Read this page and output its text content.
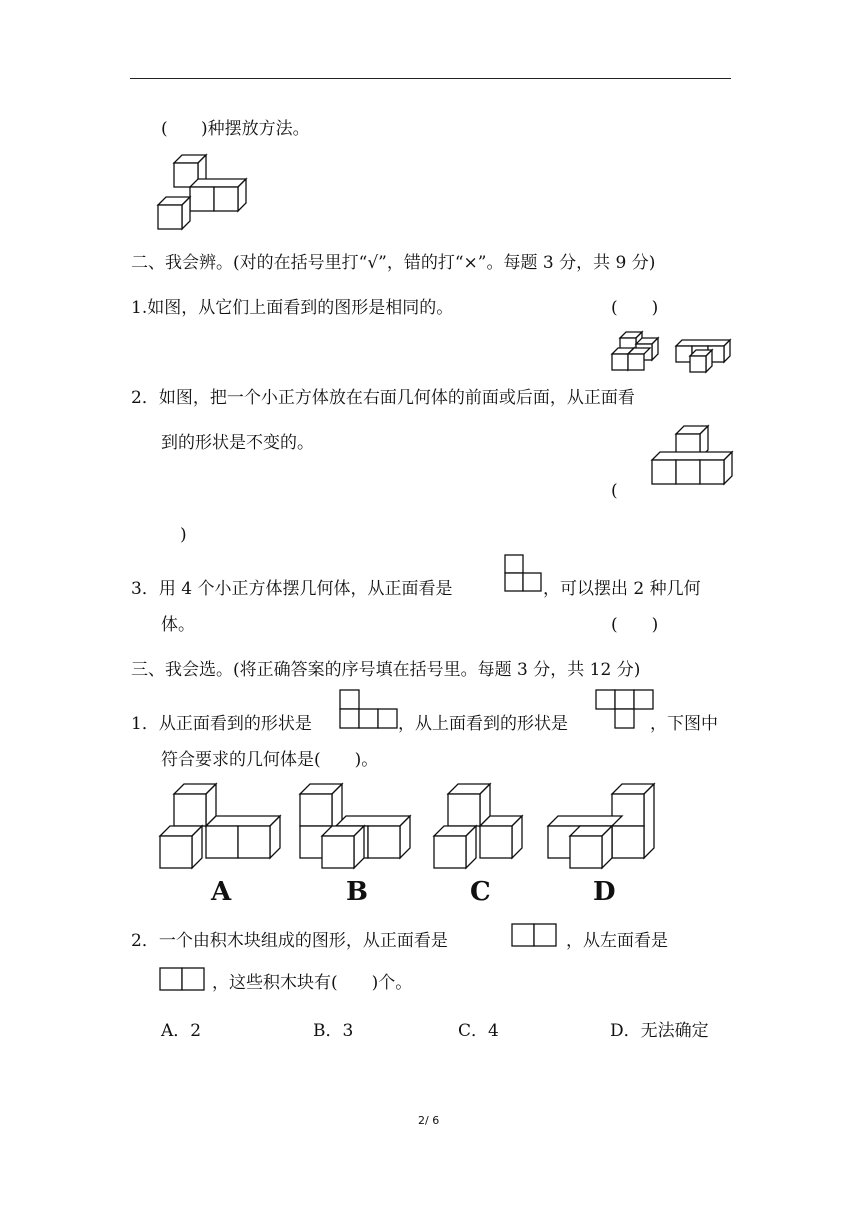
( )种摆放方法。
二、我会辨。(对的在括号里打“√”，错的打“×”。每题 3 分，共 9 分)
1.如图，从它们上面看到的图形是相同的。	(　　)
2．如图，把一个小正方体放在右面几何体的前面或后面，从正面看
到的形状是不变的。
(
)
3．用 4 个小正方体摆几何体，从正面看是	，可以摆出 2 种几何
体。	(　　)
三、我会选。(将正确答案的序号填在括号里。每题 3 分，共 12 分)
1．从正面看到的形状是	，从上面看到的形状是	，下图中
符合要求的几何体是(　　)。
A	B	C	D
2．一个由积木块组成的图形，从正面看是	，从左面看是
，这些积木块有(　　)个。
A．2	B．3	C．4	D．无法确定
2/ 6
